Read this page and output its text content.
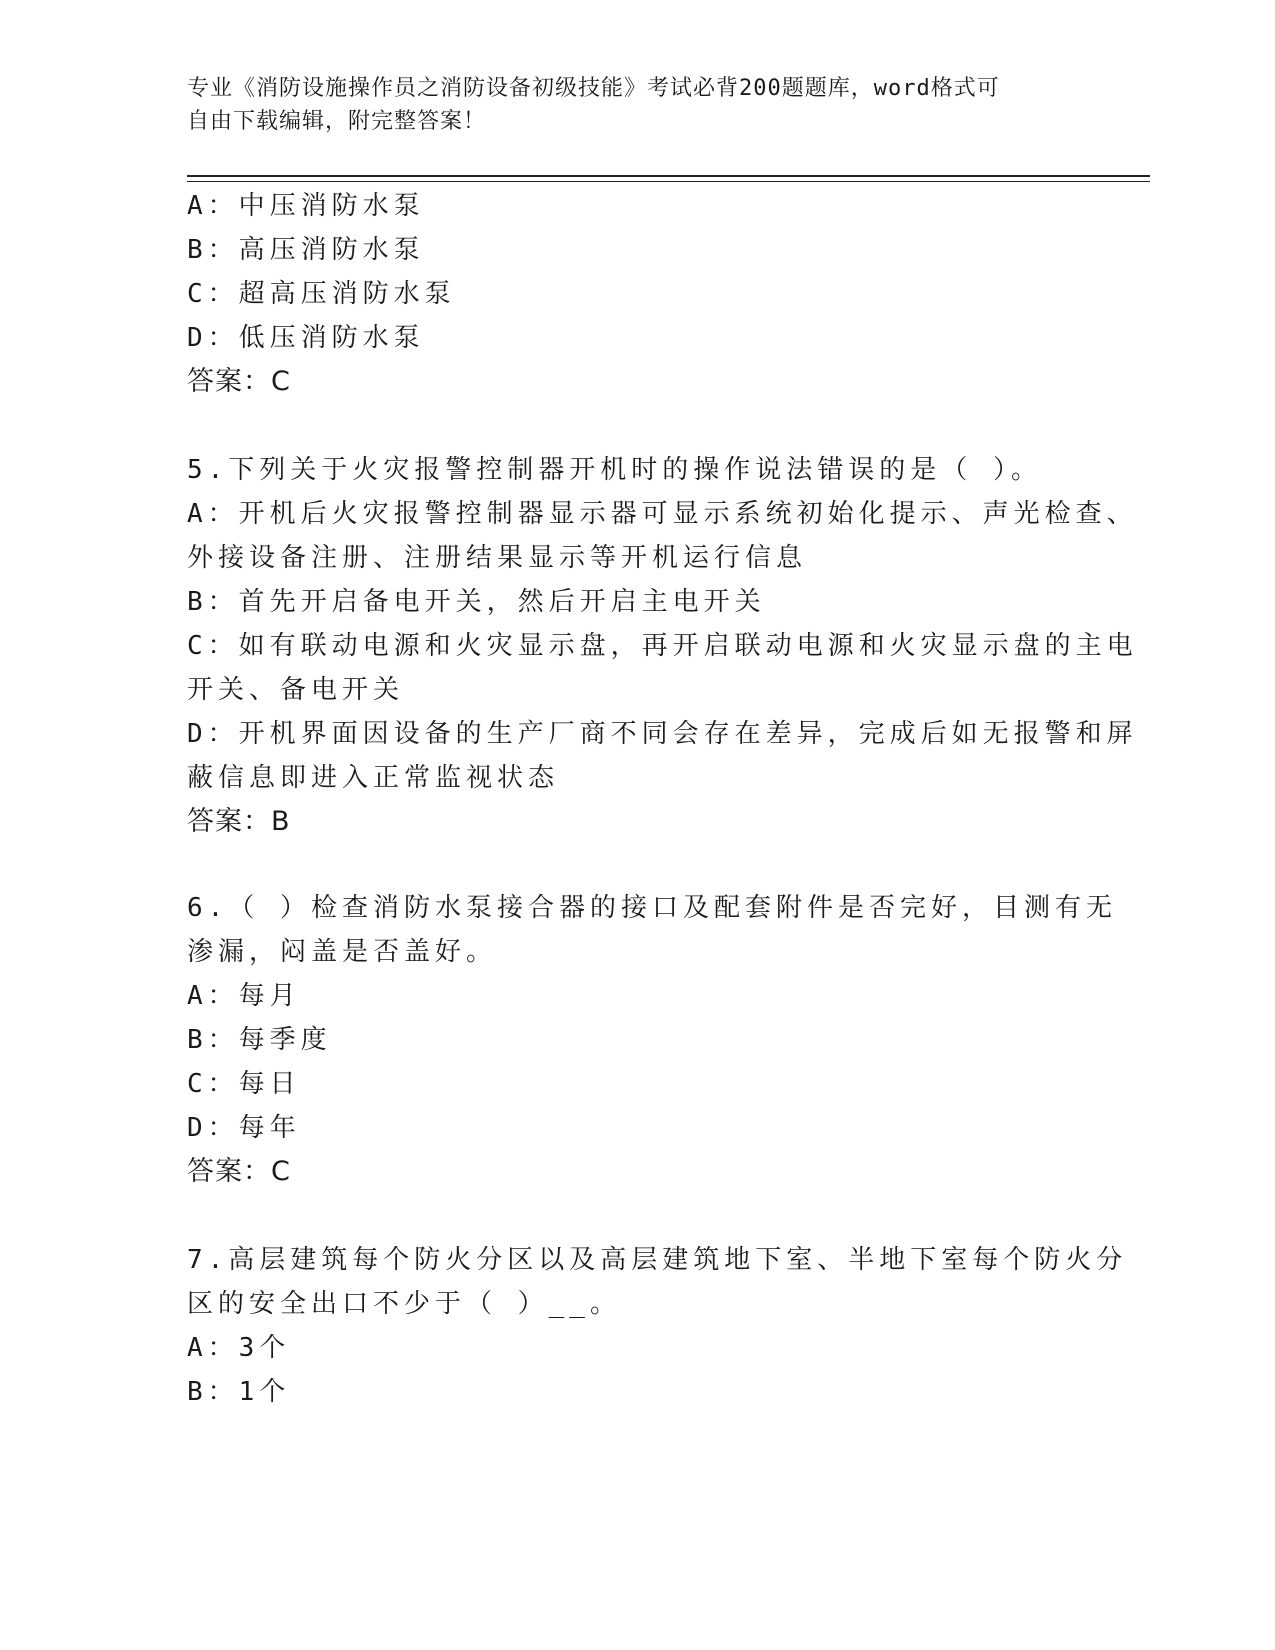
专业《消防设施操作员之消防设备初级技能》考试必背200题题库，word格式可
自由下载编辑，附完整答案！
A：中压消防水泵
B：高压消防水泵
C：超高压消防水泵
D：低压消防水泵
答案：C
5.下列关于火灾报警控制器开机时的操作说法错误的是（ ）。
A：开机后火灾报警控制器显示器可显示系统初始化提示、声光检查、
外接设备注册、注册结果显示等开机运行信息
B：首先开启备电开关，然后开启主电开关
C：如有联动电源和火灾显示盘，再开启联动电源和火灾显示盘的主电
开关、备电开关
D：开机界面因设备的生产厂商不同会存在差异，完成后如无报警和屏
蔽信息即进入正常监视状态
答案：B
6.（ ）检查消防水泵接合器的接口及配套附件是否完好，目测有无
渗漏，闷盖是否盖好。
A：每月
B：每季度
C：每日
D：每年
答案：C
7.高层建筑每个防火分区以及高层建筑地下室、半地下室每个防火分
区的安全出口不少于（ ）__。
A：3个
B：1个
